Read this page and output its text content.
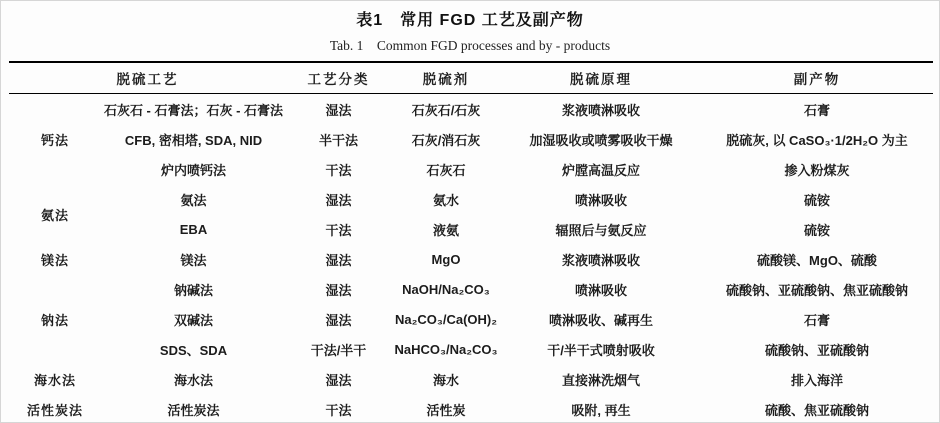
表1　常用 FGD 工艺及副产物
Tab. 1　Common FGD processes and by - products
脱硫工艺		工艺分类	脱硫剂	脱硫原理	副产物
钙法	石灰石 - 石膏法；石灰 - 石膏法	湿法	石灰石/石灰	浆液喷淋吸收	石膏
	CFB, 密相塔, SDA, NID	半干法	石灰/消石灰	加湿吸收或喷雾吸收干燥	脱硫灰, 以 CaSO₃·1/2H₂O 为主
	炉内喷钙法	干法	石灰石	炉膛高温反应	掺入粉煤灰
氨法	氨法	湿法	氨水	喷淋吸收	硫铵
	EBA	干法	液氨	辐照后与氨反应	硫铵
镁法	镁法	湿法	MgO	浆液喷淋吸收	硫酸镁、MgO、硫酸
钠法	钠碱法	湿法	NaOH/Na₂CO₃	喷淋吸收	硫酸钠、亚硫酸钠、焦亚硫酸钠
	双碱法	湿法	Na₂CO₃/Ca(OH)₂	喷淋吸收、碱再生	石膏
	SDS、SDA	干法/半干	NaHCO₃/Na₂CO₃	干/半干式喷射吸收	硫酸钠、亚硫酸钠
海水法	海水法	湿法	海水	直接淋洗烟气	排入海洋
活性炭法	活性炭法	干法	活性炭	吸附, 再生	硫酸、焦亚硫酸钠
